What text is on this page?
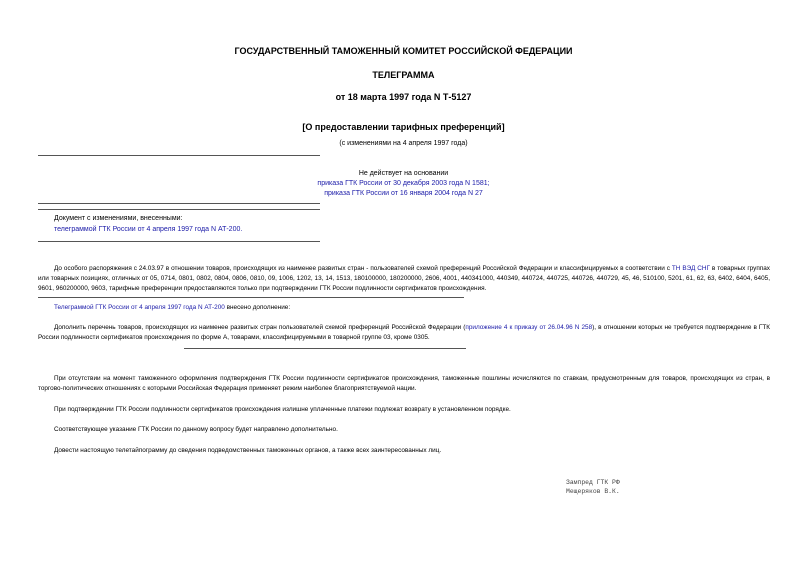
ГОСУДАРСТВЕННЫЙ ТАМОЖЕННЫЙ КОМИТЕТ РОССИЙСКОЙ ФЕДЕРАЦИИ
ТЕЛЕГРАММА
от 18 марта 1997 года N Т-5127
[О предоставлении тарифных преференций]
(с изменениями на 4 апреля 1997 года)
Не действует на основании
приказа ГТК России от 30 декабря 2003 года N 1581;
приказа ГТК России от 16 января 2004 года N 27
Документ с изменениями, внесенными:
телеграммой ГТК России от 4 апреля 1997 года N АТ-200.
До особого распоряжения с 24.03.97 в отношении товаров, происходящих из наименее развитых стран - пользователей схемой преференций Российской Федерации и классифицируемых в соответствии с ТН ВЭД СНГ в товарных группах или товарных позициях, отличных от 05, 0714, 0801, 0802, 0804, 0806, 0810, 09, 1006, 1202, 13, 14, 1513, 180100000, 180200000, 2606, 4001, 440341000, 440349, 440724, 440725, 440726, 440729, 45, 46, 510100, 5201, 61, 62, 63, 6402, 6404, 6405, 9601, 960200000, 9603, тарифные преференции предоставляются только при подтверждении ГТК России подлинности сертификатов происхождения.
Телеграммой ГТК России от 4 апреля 1997 года N АТ-200 внесено дополнение:
Дополнить перечень товаров, происходящих из наименее развитых стран пользователей схемой преференций Российской Федерации (приложение 4 к приказу от 26.04.96 N 258), в отношении которых не требуется подтверждение в ГТК России подлинности сертификатов происхождения по форме А, товарами, классифицируемыми в товарной группе 03, кроме 0305.
При отсутствии на момент таможенного оформления подтверждения ГТК России подлинности сертификатов происхождения, таможенные пошлины исчисляются по ставкам, предусмотренным для товаров, происходящих из стран, в торгово-политических отношениях с которыми Российская Федерация применяет режим наиболее благоприятствуемой нации.
При подтверждении ГТК России подлинности сертификатов происхождения излишне уплаченные платежи подлежат возврату в установленном порядке.
Соответствующее указание ГТК России по данному вопросу будет направлено дополнительно.
Довести настоящую телетайпограмму до сведения подведомственных таможенных органов, а также всех заинтересованных лиц.
Зампред ГТК РФ
Мещеряков В.К.
